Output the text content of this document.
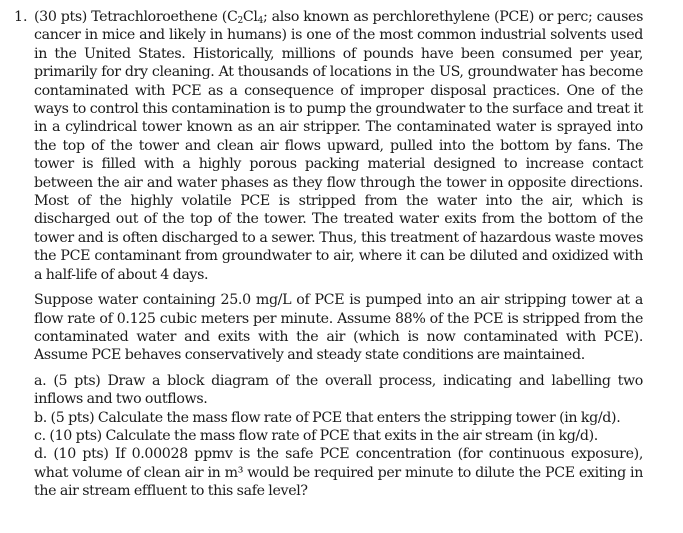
1. (30 pts) Tetrachloroethene ($C_2Cl_4$; also known as perchlorethylene (PCE) or perc; causes cancer in mice and likely in humans) is one of the most common industrial solvents used in the United States. Historically, millions of pounds have been consumed per year, primarily for dry cleaning. At thousands of locations in the US, groundwater has become contaminated with PCE as a consequence of improper disposal practices. One of the ways to control this contamination is to pump the groundwater to the surface and treat it in a cylindrical tower known as an air stripper. The contaminated water is sprayed into the top of the tower and clean air flows upward, pulled into the bottom by fans. The tower is filled with a highly porous packing material designed to increase contact between the air and water phases as they flow through the tower in opposite directions. Most of the highly volatile PCE is stripped from the water into the air, which is discharged out of the top of the tower. The treated water exits from the bottom of the tower and is often discharged to a sewer. Thus, this treatment of hazardous waste moves the PCE contaminant from groundwater to air, where it can be diluted and oxidized with a half-life of about 4 days.

Suppose water containing 25.0 mg/L of PCE is pumped into an air stripping tower at a flow rate of 0.125 cubic meters per minute. Assume 88% of the PCE is stripped from the contaminated water and exits with the air (which is now contaminated with PCE). Assume PCE behaves conservatively and steady state conditions are maintained.

a. (5 pts) Draw a block diagram of the overall process, indicating and labelling two inflows and two outflows.

b. (5 pts) Calculate the mass flow rate of PCE that enters the stripping tower (in kg/d).

c. (10 pts) Calculate the mass flow rate of PCE that exits in the air stream (in kg/d).

d. (10 pts) If 0.00028 ppmv is the safe PCE concentration (for continuous exposure), what volume of clean air in m³ would be required per minute to dilute the PCE exiting in the air stream effluent to this safe level?
